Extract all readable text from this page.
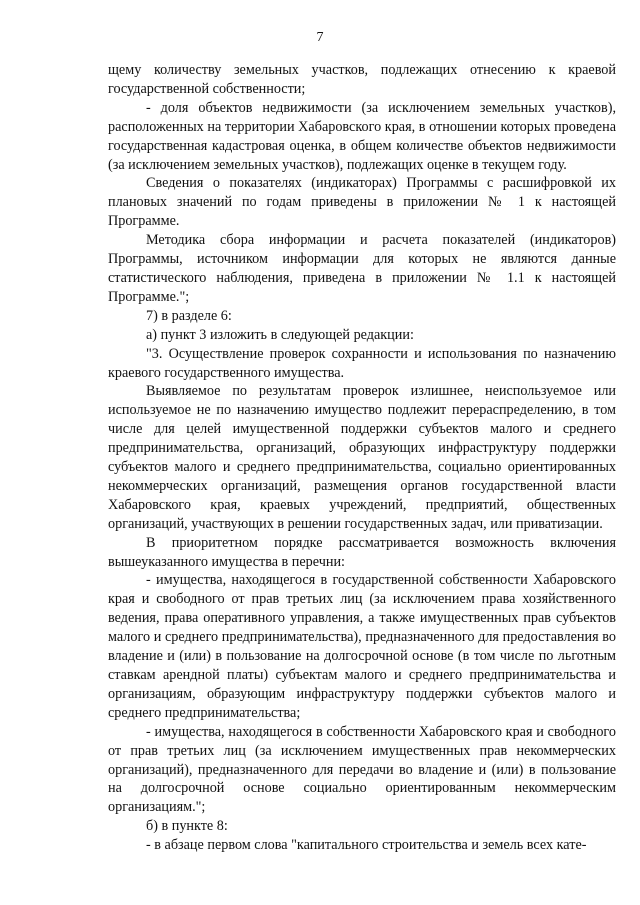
7

щему количеству земельных участков, подлежащих отнесению к краевой государственной собственности;

- доля объектов недвижимости (за исключением земельных участков), расположенных на территории Хабаровского края, в отношении которых проведена государственная кадастровая оценка, в общем количестве объектов недвижимости (за исключением земельных участков), подлежащих оценке в текущем году.

Сведения о показателях (индикаторах) Программы с расшифровкой их плановых значений по годам приведены в приложении № 1 к настоящей Программе.

Методика сбора информации и расчета показателей (индикаторов) Программы, источником информации для которых не являются данные статистического наблюдения, приведена в приложении № 1.1 к настоящей Программе.";

7) в разделе 6:

а) пункт 3 изложить в следующей редакции:

"3. Осуществление проверок сохранности и использования по назначению краевого государственного имущества.

Выявляемое по результатам проверок излишнее, неиспользуемое или используемое не по назначению имущество подлежит перераспределению, в том числе для целей имущественной поддержки субъектов малого и среднего предпринимательства, организаций, образующих инфраструктуру поддержки субъектов малого и среднего предпринимательства, социально ориентированных некоммерческих организаций, размещения органов государственной власти Хабаровского края, краевых учреждений, предприятий, общественных организаций, участвующих в решении государственных задач, или приватизации.

В приоритетном порядке рассматривается возможность включения вышеуказанного имущества в перечни:

- имущества, находящегося в государственной собственности Хабаровского края и свободного от прав третьих лиц (за исключением права хозяйственного ведения, права оперативного управления, а также имущественных прав субъектов малого и среднего предпринимательства), предназначенного для предоставления во владение и (или) в пользование на долгосрочной основе (в том числе по льготным ставкам арендной платы) субъектам малого и среднего предпринимательства и организациям, образующим инфраструктуру поддержки субъектов малого и среднего предпринимательства;

- имущества, находящегося в собственности Хабаровского края и свободного от прав третьих лиц (за исключением имущественных прав некоммерческих организаций), предназначенного для передачи во владение и (или) в пользование на долгосрочной основе социально ориентированным некоммерческим организациям.";

б) в пункте 8:

- в абзаце первом слова "капитального строительства и земель всех кате-
